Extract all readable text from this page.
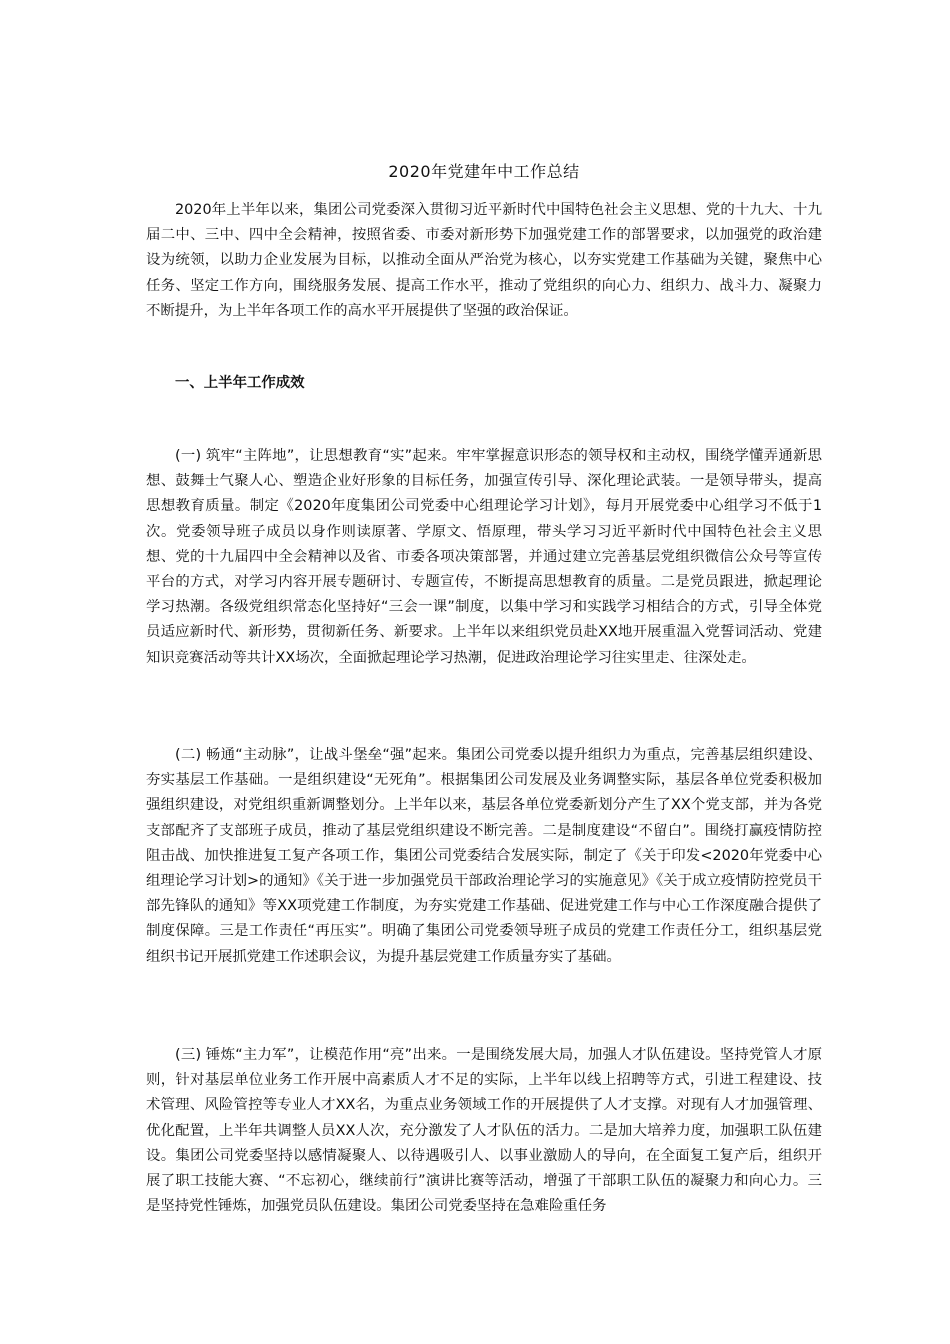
2020年党建年中工作总结

2020年上半年以来，集团公司党委深入贯彻习近平新时代中国特色社会主义思想、党的十九大、十九届二中、三中、四中全会精神，按照省委、市委对新形势下加强党建工作的部署要求，以加强党的政治建设为统领，以助力企业发展为目标，以推动全面从严治党为核心，以夯实党建工作基础为关键，聚焦中心任务、坚定工作方向，围绕服务发展、提高工作水平，推动了党组织的向心力、组织力、战斗力、凝聚力不断提升，为上半年各项工作的高水平开展提供了坚强的政治保证。

一、上半年工作成效

(一) 筑牢“主阵地”，让思想教育“实”起来。牢牢掌握意识形态的领导权和主动权，围绕学懂弄通新思想、鼓舞士气聚人心、塑造企业好形象的目标任务，加强宣传引导、深化理论武装。一是领导带头，提高思想教育质量。制定《2020年度集团公司党委中心组理论学习计划》，每月开展党委中心组学习不低于1次。党委领导班子成员以身作则读原著、学原文、悟原理，带头学习习近平新时代中国特色社会主义思想、党的十九届四中全会精神以及省、市委各项决策部署，并通过建立完善基层党组织微信公众号等宣传平台的方式，对学习内容开展专题研讨、专题宣传，不断提高思想教育的质量。二是党员跟进，掀起理论学习热潮。各级党组织常态化坚持好“三会一课”制度，以集中学习和实践学习相结合的方式，引导全体党员适应新时代、新形势，贯彻新任务、新要求。上半年以来组织党员赴XX地开展重温入党誓词活动、党建知识竞赛活动等共计XX场次，全面掀起理论学习热潮，促进政治理论学习往实里走、往深处走。

(二) 畅通“主动脉”，让战斗堡垒“强”起来。集团公司党委以提升组织力为重点，完善基层组织建设、夯实基层工作基础。一是组织建设“无死角”。根据集团公司发展及业务调整实际，基层各单位党委积极加强组织建设，对党组织重新调整划分。上半年以来，基层各单位党委新划分产生了XX个党支部，并为各党支部配齐了支部班子成员，推动了基层党组织建设不断完善。二是制度建设“不留白”。围绕打赢疫情防控阻击战、加快推进复工复产各项工作，集团公司党委结合发展实际，制定了《关于印发<2020年党委中心组理论学习计划>的通知》《关于进一步加强党员干部政治理论学习的实施意见》《关于成立疫情防控党员干部先锋队的通知》等XX项党建工作制度，为夯实党建工作基础、促进党建工作与中心工作深度融合提供了制度保障。三是工作责任“再压实”。明确了集团公司党委领导班子成员的党建工作责任分工，组织基层党组织书记开展抓党建工作述职会议，为提升基层党建工作质量夯实了基础。

(三) 锤炼“主力军”，让模范作用“亮”出来。一是围绕发展大局，加强人才队伍建设。坚持党管人才原则，针对基层单位业务工作开展中高素质人才不足的实际，上半年以线上招聘等方式，引进工程建设、技术管理、风险管控等专业人才XX名，为重点业务领域工作的开展提供了人才支撑。对现有人才加强管理、优化配置，上半年共调整人员XX人次，充分激发了人才队伍的活力。二是加大培养力度，加强职工队伍建设。集团公司党委坚持以感情凝聚人、以待遇吸引人、以事业激励人的导向，在全面复工复产后，组织开展了职工技能大赛、“不忘初心，继续前行”演讲比赛等活动，增强了干部职工队伍的凝聚力和向心力。三是坚持党性锤炼，加强党员队伍建设。集团公司党委坚持在急难险重任务
